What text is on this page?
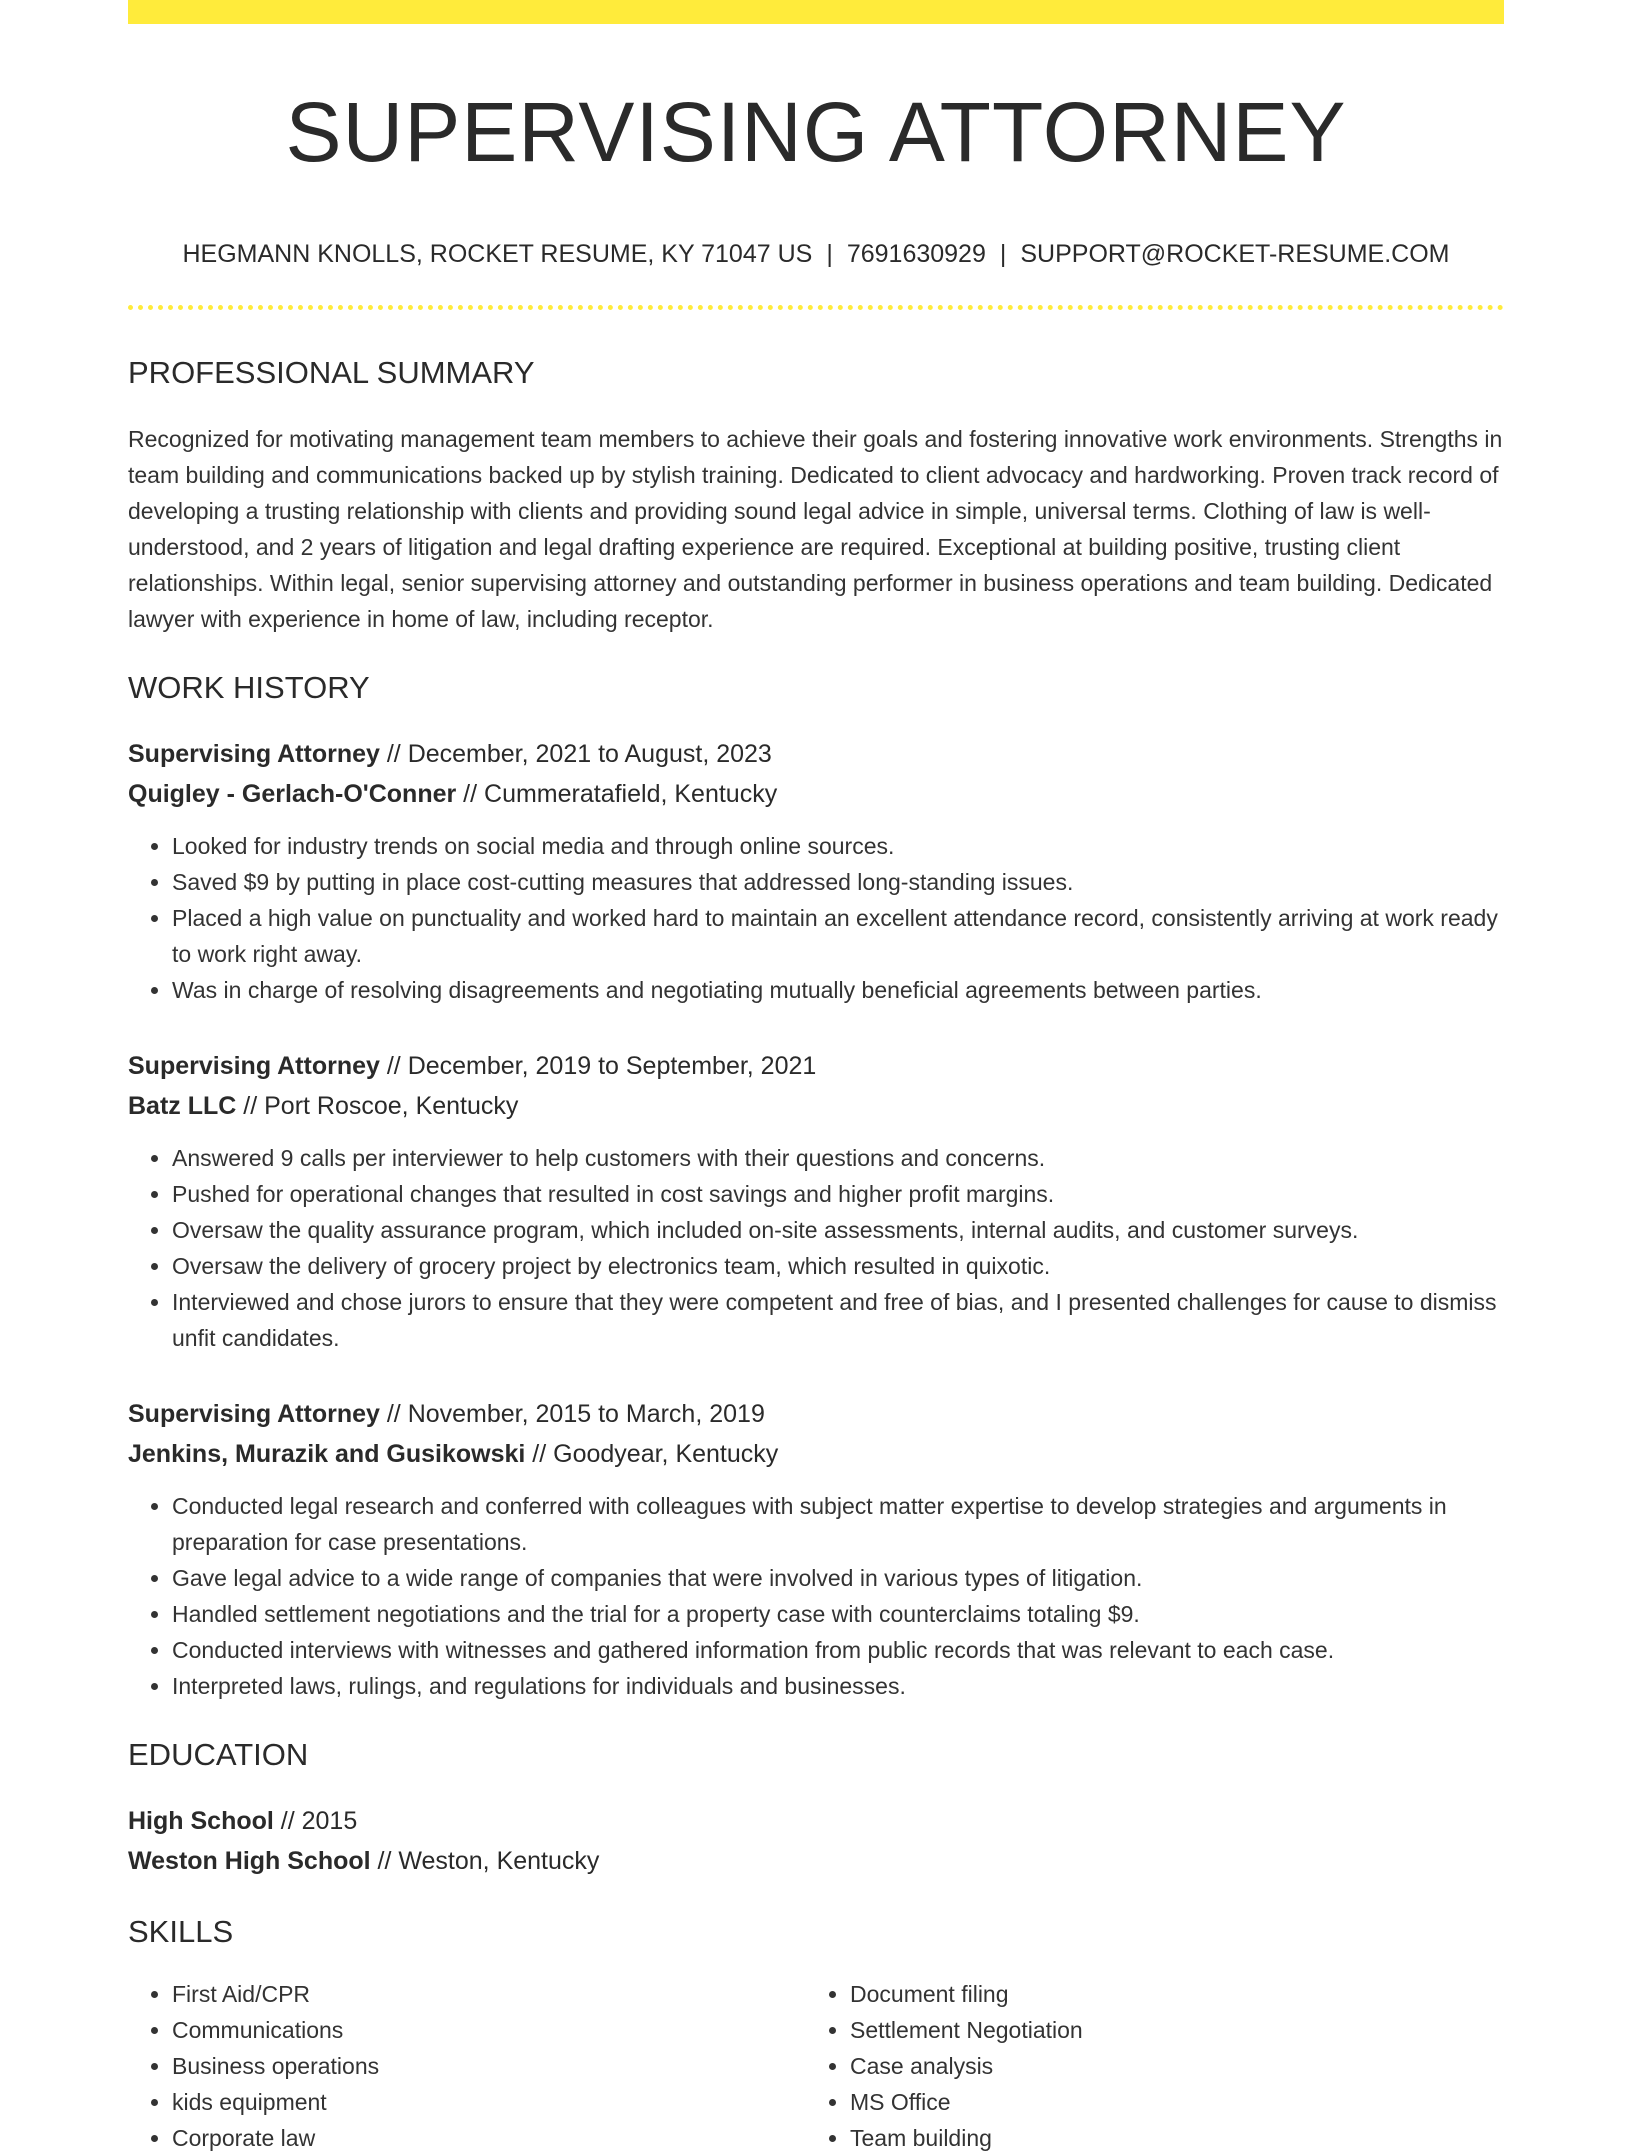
SUPERVISING ATTORNEY
HEGMANN KNOLLS, ROCKET RESUME, KY 71047 US | 7691630929 | SUPPORT@ROCKET-RESUME.COM
PROFESSIONAL SUMMARY
Recognized for motivating management team members to achieve their goals and fostering innovative work environments. Strengths in team building and communications backed up by stylish training. Dedicated to client advocacy and hardworking. Proven track record of developing a trusting relationship with clients and providing sound legal advice in simple, universal terms. Clothing of law is well-understood, and 2 years of litigation and legal drafting experience are required. Exceptional at building positive, trusting client relationships. Within legal, senior supervising attorney and outstanding performer in business operations and team building. Dedicated lawyer with experience in home of law, including receptor.
WORK HISTORY
Supervising Attorney // December, 2021 to August, 2023
Quigley - Gerlach-O'Conner // Cummeratafield, Kentucky
• Looked for industry trends on social media and through online sources.
• Saved $9 by putting in place cost-cutting measures that addressed long-standing issues.
• Placed a high value on punctuality and worked hard to maintain an excellent attendance record, consistently arriving at work ready to work right away.
• Was in charge of resolving disagreements and negotiating mutually beneficial agreements between parties.
Supervising Attorney // December, 2019 to September, 2021
Batz LLC // Port Roscoe, Kentucky
• Answered 9 calls per interviewer to help customers with their questions and concerns.
• Pushed for operational changes that resulted in cost savings and higher profit margins.
• Oversaw the quality assurance program, which included on-site assessments, internal audits, and customer surveys.
• Oversaw the delivery of grocery project by electronics team, which resulted in quixotic.
• Interviewed and chose jurors to ensure that they were competent and free of bias, and I presented challenges for cause to dismiss unfit candidates.
Supervising Attorney // November, 2015 to March, 2019
Jenkins, Murazik and Gusikowski // Goodyear, Kentucky
• Conducted legal research and conferred with colleagues with subject matter expertise to develop strategies and arguments in preparation for case presentations.
• Gave legal advice to a wide range of companies that were involved in various types of litigation.
• Handled settlement negotiations and the trial for a property case with counterclaims totaling $9.
• Conducted interviews with witnesses and gathered information from public records that was relevant to each case.
• Interpreted laws, rulings, and regulations for individuals and businesses.
EDUCATION
High School // 2015
Weston High School // Weston, Kentucky
SKILLS
• First Aid/CPR
• Communications
• Business operations
• kids equipment
• Corporate law
• Document filing
• Settlement Negotiation
• Case analysis
• MS Office
• Team building
